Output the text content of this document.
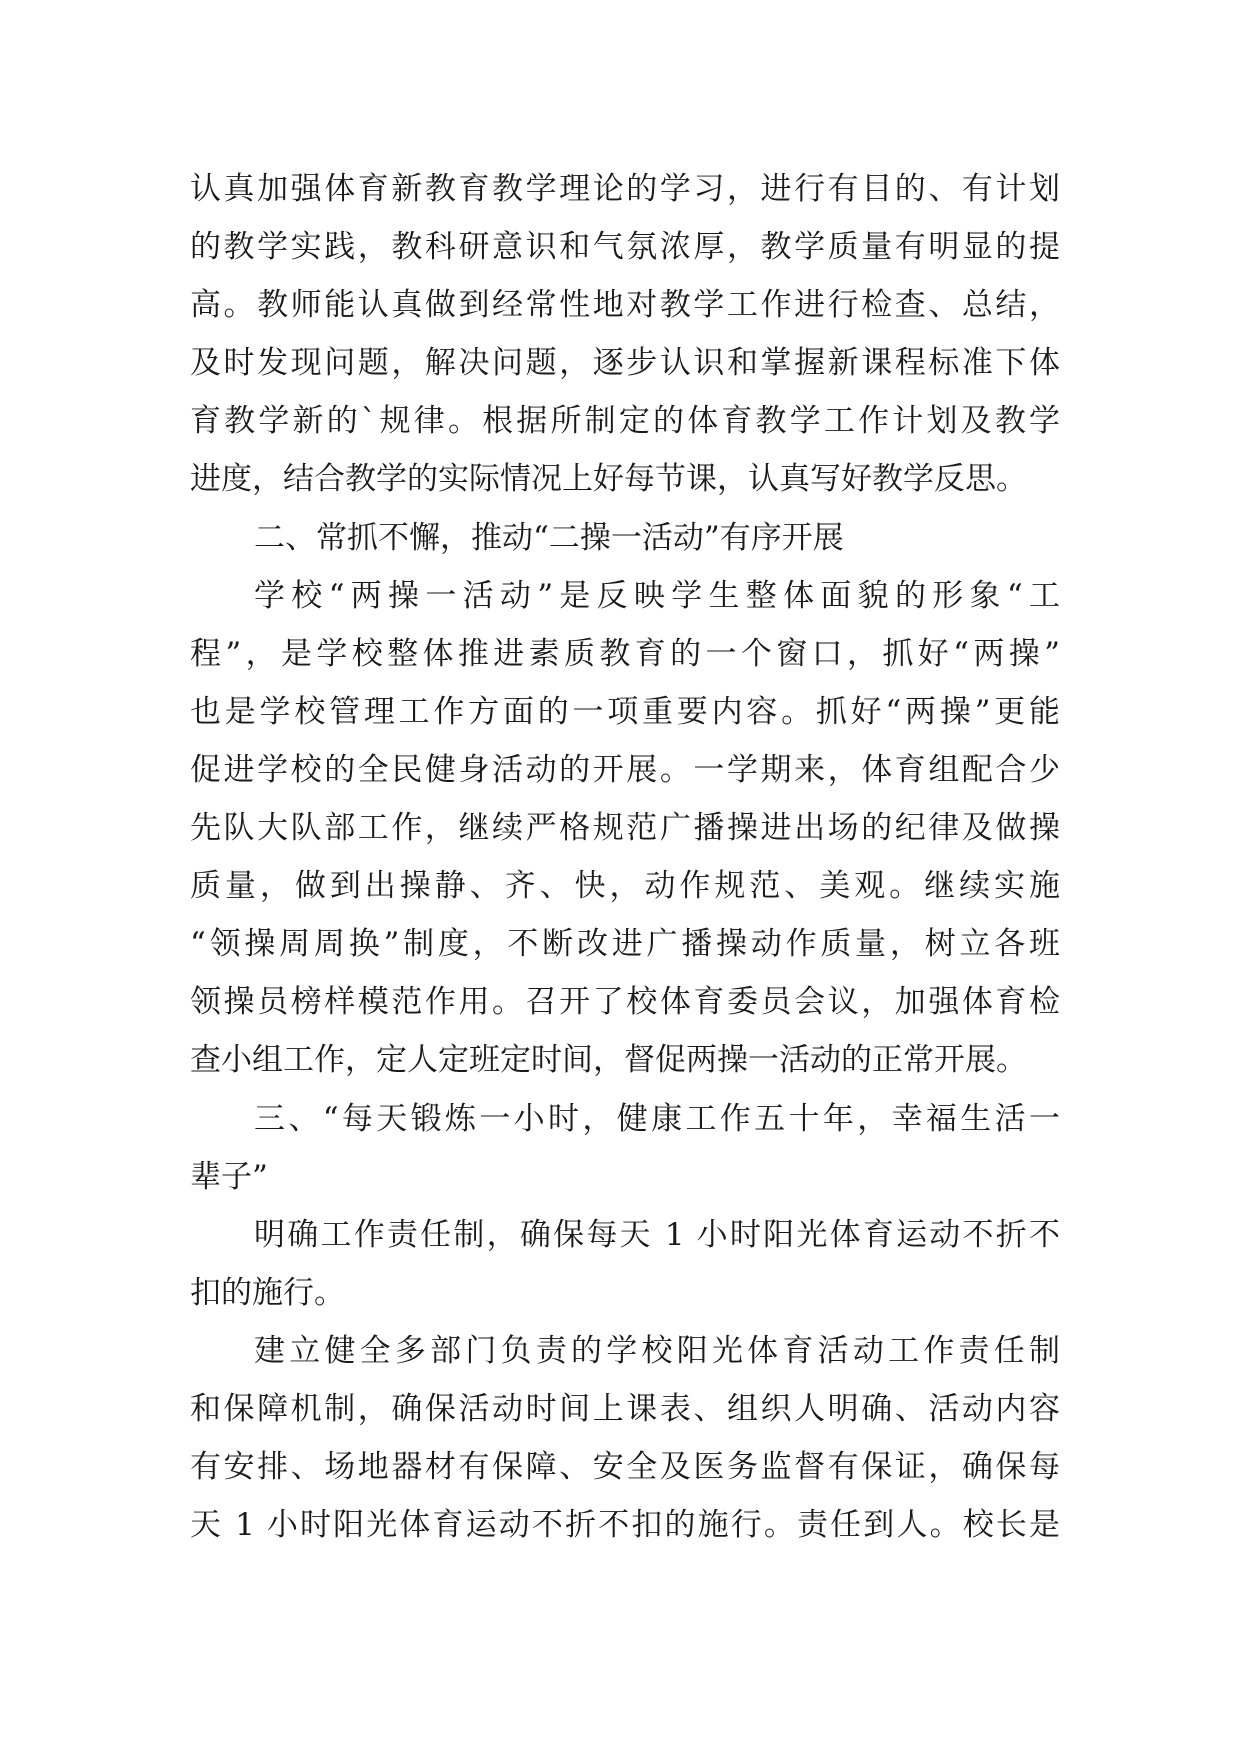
认真加强体育新教育教学理论的学习，进行有目的、有计划
的教学实践，教科研意识和气氛浓厚，教学质量有明显的提
高。教师能认真做到经常性地对教学工作进行检查、总结，
及时发现问题，解决问题，逐步认识和掌握新课程标准下体
育教学新的`规律。根据所制定的体育教学工作计划及教学
进度，结合教学的实际情况上好每节课，认真写好教学反思。
二、常抓不懈，推动“二操一活动”有序开展
学校“两操一活动”是反映学生整体面貌的形象“工
程”，是学校整体推进素质教育的一个窗口，抓好“两操”
也是学校管理工作方面的一项重要内容。抓好“两操”更能
促进学校的全民健身活动的开展。一学期来，体育组配合少
先队大队部工作，继续严格规范广播操进出场的纪律及做操
质量，做到出操静、齐、快，动作规范、美观。继续实施
“领操周周换”制度，不断改进广播操动作质量，树立各班
领操员榜样模范作用。召开了校体育委员会议，加强体育检
查小组工作，定人定班定时间，督促两操一活动的正常开展。
三、“每天锻炼一小时，健康工作五十年，幸福生活一
辈子”
明确工作责任制，确保每天 1 小时阳光体育运动不折不
扣的施行。
建立健全多部门负责的学校阳光体育活动工作责任制
和保障机制，确保活动时间上课表、组织人明确、活动内容
有安排、场地器材有保障、安全及医务监督有保证，确保每
天 1 小时阳光体育运动不折不扣的施行。责任到人。校长是
